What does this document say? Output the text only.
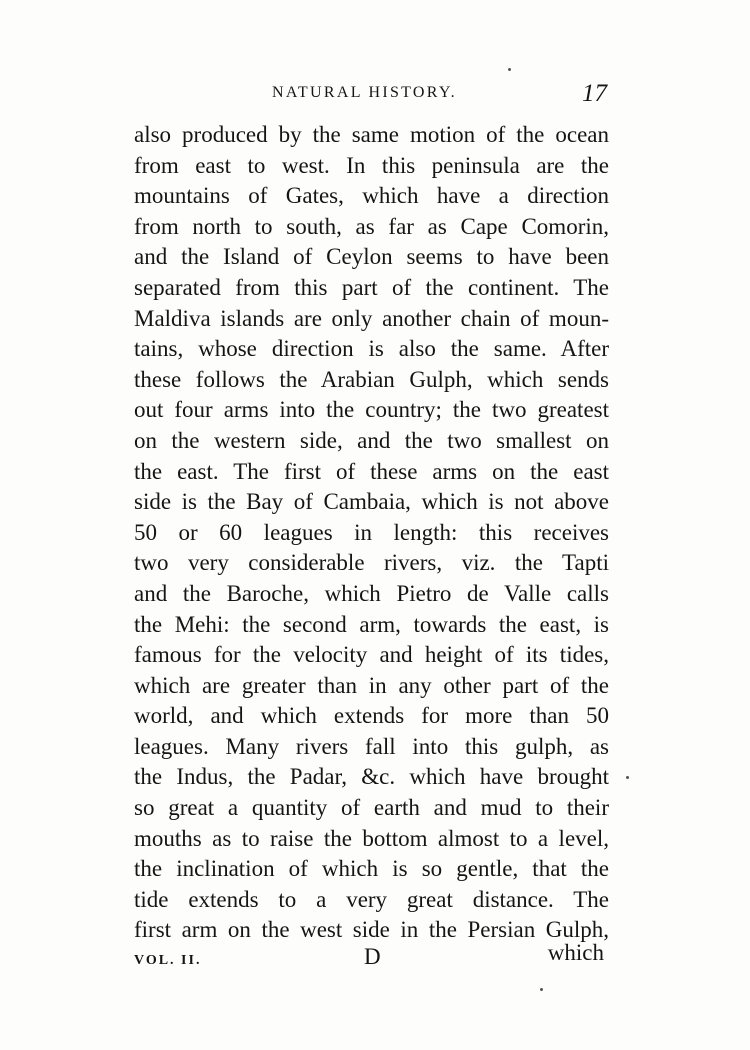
NATURAL HISTORY.	17
also produced by the same motion of the ocean
from east to west. In this peninsula are the
mountains of Gates, which have a direction
from north to south, as far as Cape Comorin,
and the Island of Ceylon seems to have been
separated from this part of the continent. The
Maldiva islands are only another chain of moun-
tains, whose direction is also the same. After
these follows the Arabian Gulph, which sends
out four arms into the country; the two greatest
on the western side, and the two smallest on
the east. The first of these arms on the east
side is the Bay of Cambaia, which is not above
50 or 60 leagues in length: this receives
two very considerable rivers, viz. the Tapti
and the Baroche, which Pietro de Valle calls
the Mehi: the second arm, towards the east, is
famous for the velocity and height of its tides,
which are greater than in any other part of the
world, and which extends for more than 50
leagues. Many rivers fall into this gulph, as
the Indus, the Padar, &c. which have brought
so great a quantity of earth and mud to their
mouths as to raise the bottom almost to a level,
the inclination of which is so gentle, that the
tide extends to a very great distance. The
first arm on the west side in the Persian Gulph,
VOL. II.	D	which
